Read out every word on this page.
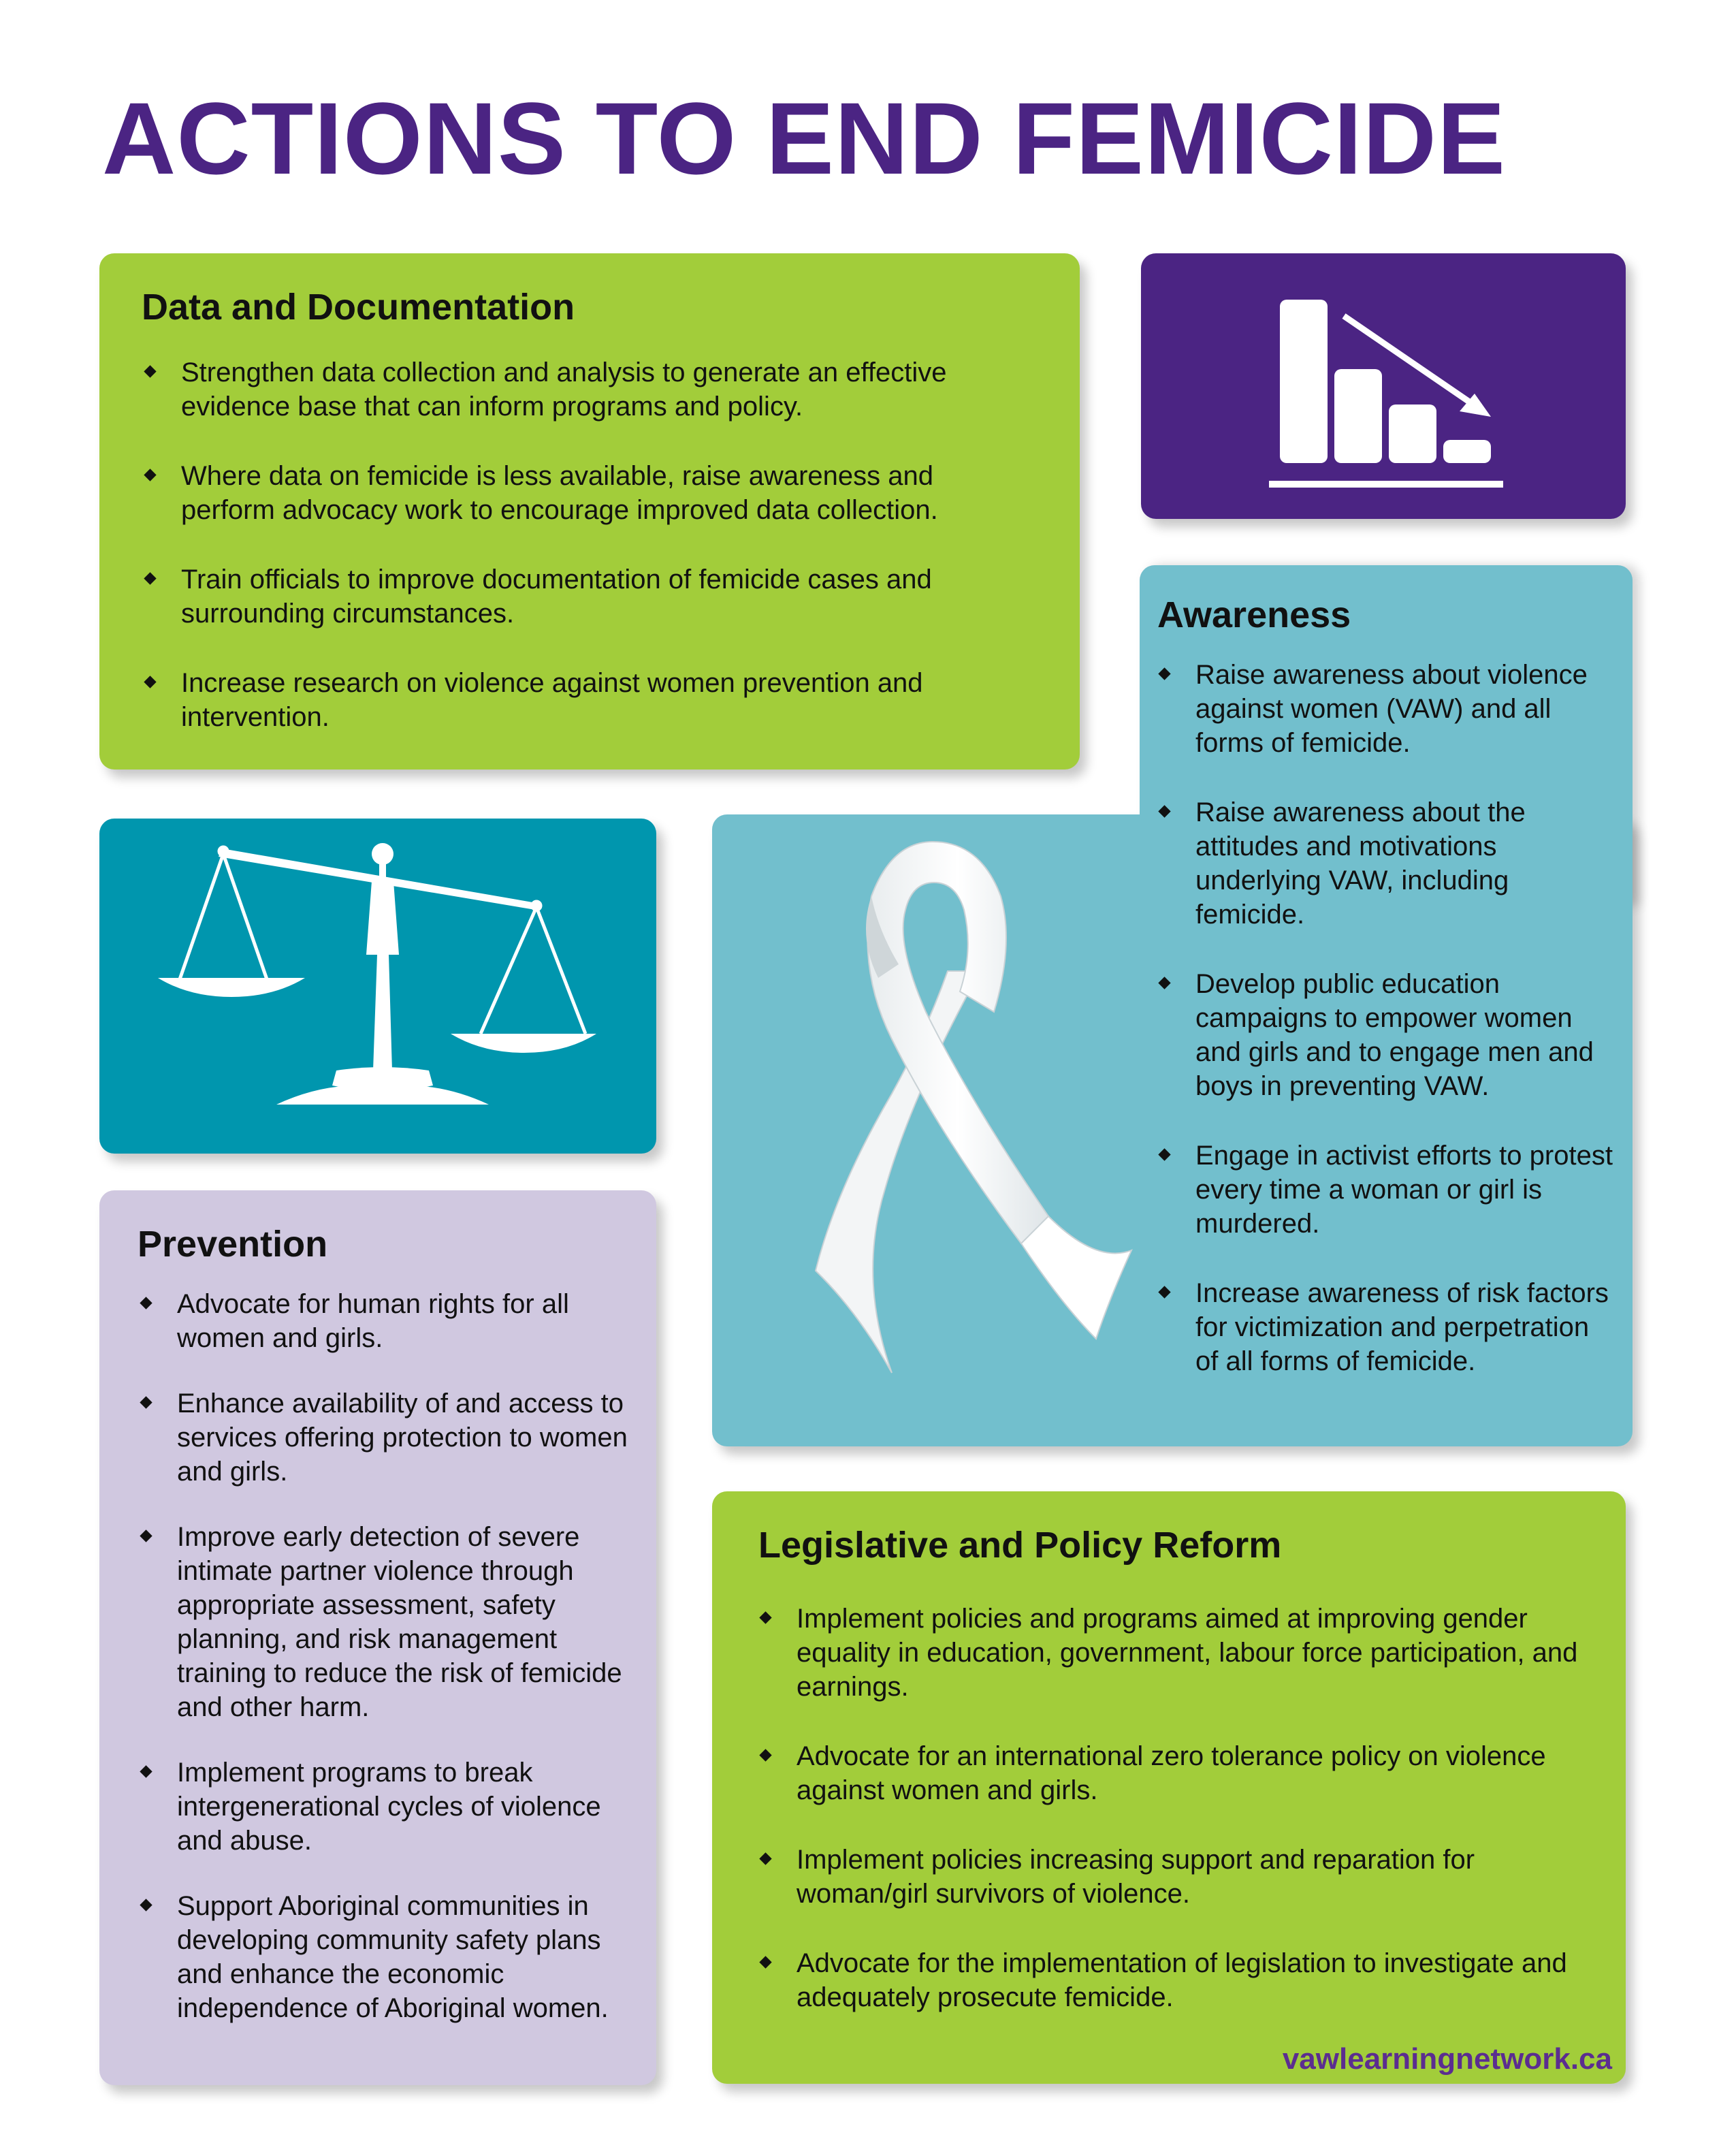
ACTIONS TO END FEMICIDE
Data and Documentation
Strengthen data collection and analysis to generate an effective evidence base that can inform programs and policy.
Where data on femicide is less available, raise awareness and perform advocacy work to encourage improved data collection.
Train officials to improve documentation of femicide cases and surrounding circumstances.
Increase research on violence against women prevention and intervention.
Awareness
Raise awareness about violence against women (VAW) and all forms of femicide.
Raise awareness about the attitudes and motivations underlying VAW, including femicide.
Develop public education campaigns to empower women and girls and to engage men and boys in preventing VAW.
Engage in activist efforts to protest every time a woman or girl is murdered.
Increase awareness of risk factors for victimization and perpetration of all forms of femicide.
Prevention
Advocate for human rights for all women and girls.
Enhance availability of and access to services offering protection to women and girls.
Improve early detection of severe intimate partner violence through appropriate assessment, safety planning, and risk management training to reduce the risk of femicide and other harm.
Implement programs to break intergenerational cycles of violence and abuse.
Support Aboriginal communities in developing community safety plans and enhance the economic independence of Aboriginal women.
Legislative and Policy Reform
Implement policies and programs aimed at improving gender equality in education, government, labour force participation, and earnings.
Advocate for an international zero tolerance policy on violence against women and girls.
Implement policies increasing support and reparation for woman/girl survivors of violence.
Advocate for the implementation of legislation to investigate and adequately prosecute femicide.
vawlearningnetwork.ca
